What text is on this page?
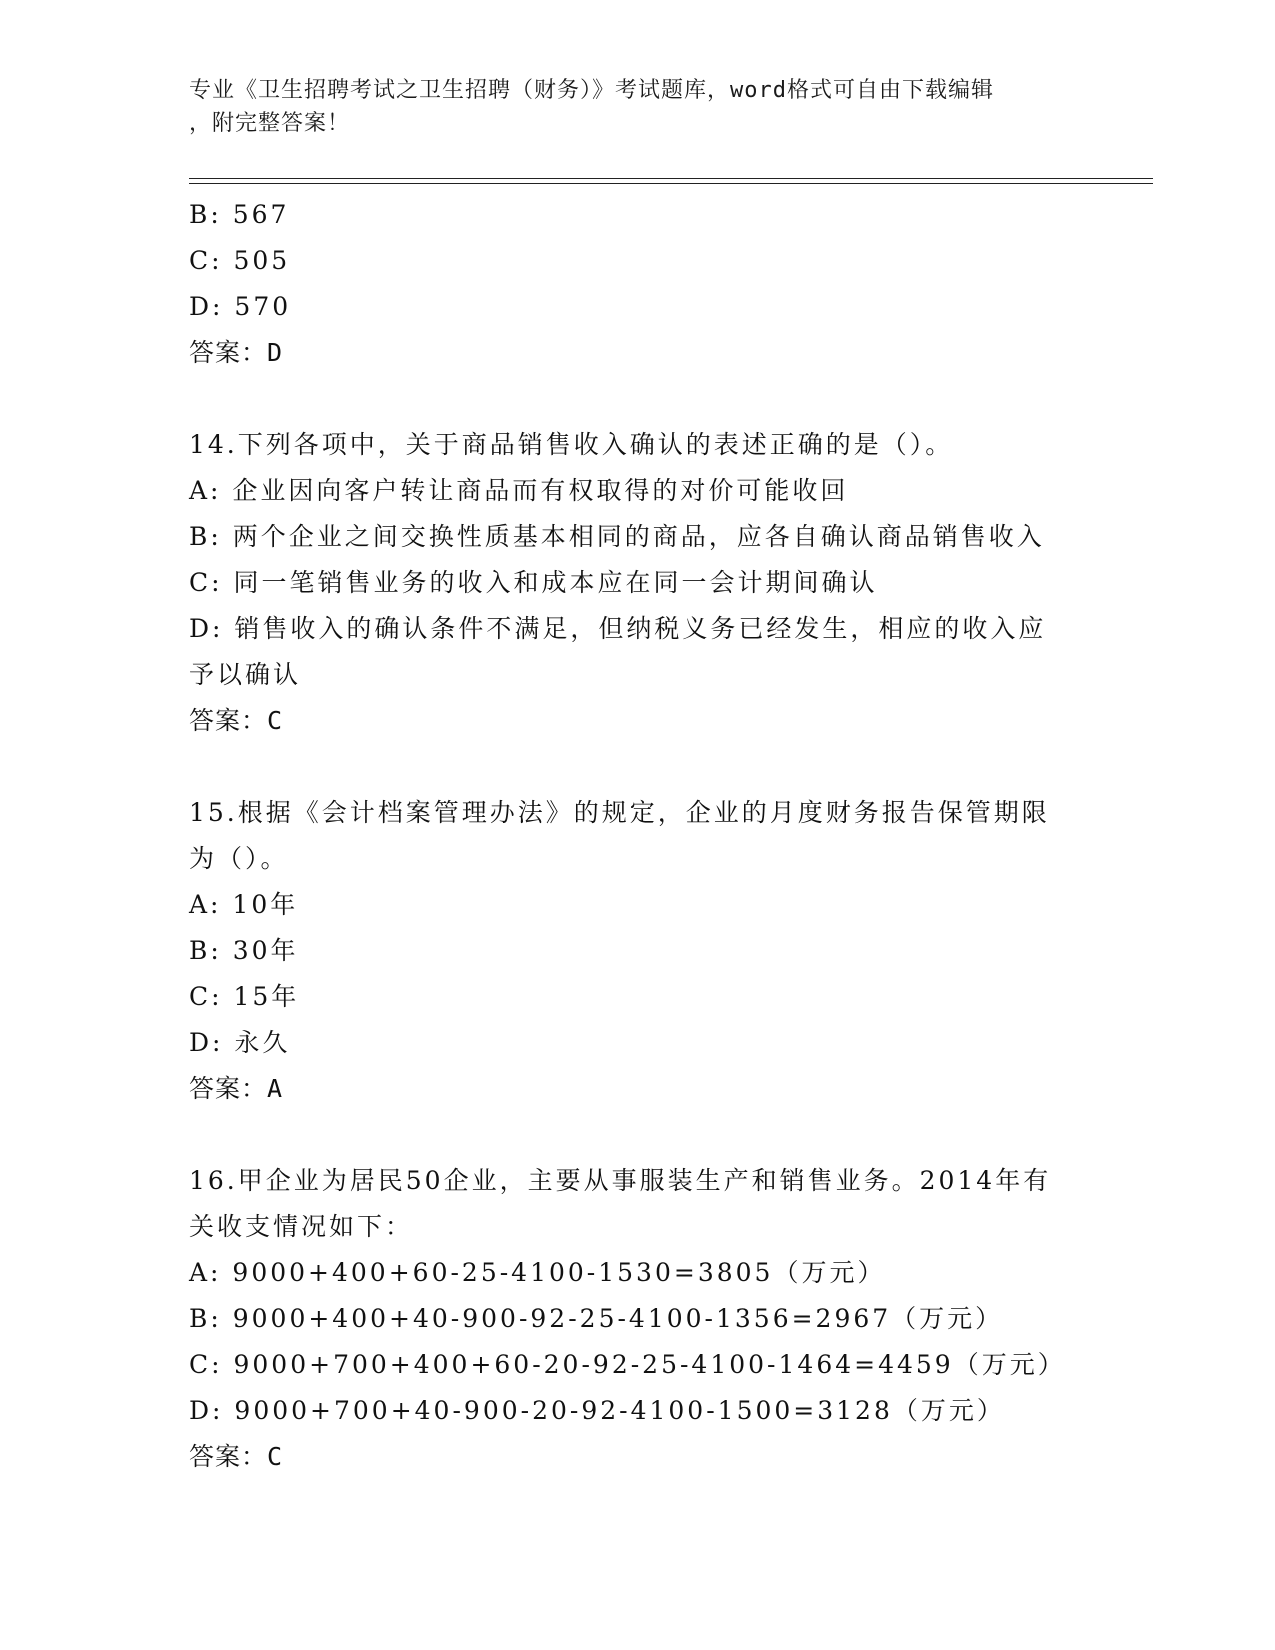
专业《卫生招聘考试之卫生招聘（财务）》考试题库，word格式可自由下载编辑
，附完整答案！
B: 567
C: 505
D: 570
答案：D
14.下列各项中，关于商品销售收入确认的表述正确的是（）。
A: 企业因向客户转让商品而有权取得的对价可能收回
B: 两个企业之间交换性质基本相同的商品，应各自确认商品销售收入
C: 同一笔销售业务的收入和成本应在同一会计期间确认
D: 销售收入的确认条件不满足，但纳税义务已经发生，相应的收入应
予以确认
答案：C
15.根据《会计档案管理办法》的规定，企业的月度财务报告保管期限
为（）。
A: 10年
B: 30年
C: 15年
D: 永久
答案：A
16.甲企业为居民50企业，主要从事服装生产和销售业务。2014年有
关收支情况如下：
A: 9000+400+60-25-4100-1530=3805（万元）
B: 9000+400+40-900-92-25-4100-1356=2967（万元）
C: 9000+700+400+60-20-92-25-4100-1464=4459（万元）
D: 9000+700+40-900-20-92-4100-1500=3128（万元）
答案：C
